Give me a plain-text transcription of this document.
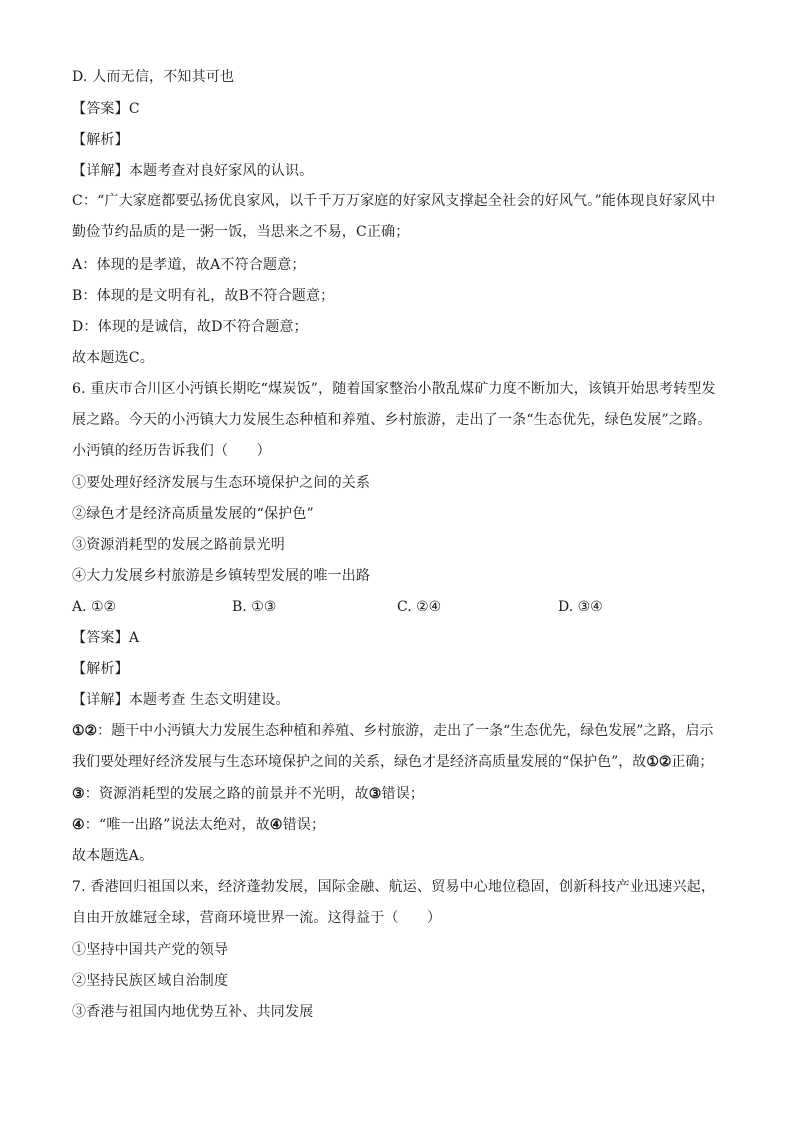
D. 人而无信，不知其可也
【答案】C
【解析】
【详解】本题考查对良好家风的认识。
C：“广大家庭都要弘扬优良家风，以千千万万家庭的好家风支撑起全社会的好风气。”能体现良好家风中勤俭节约品质的是一粥一饭，当思来之不易，C正确；
A：体现的是孝道，故A不符合题意；
B：体现的是文明有礼，故B不符合题意；
D：体现的是诚信，故D不符合题意；
故本题选C。
6. 重庆市合川区小沔镇长期吃“煤炭饭”，随着国家整治小散乱煤矿力度不断加大，该镇开始思考转型发展之路。今天的小沔镇大力发展生态种植和养殖、乡村旅游，走出了一条“生态优先，绿色发展”之路。小沔镇的经历告诉我们（　　）
①要处理好经济发展与生态环境保护之间的关系
②绿色才是经济高质量发展的“保护色”
③资源消耗型的发展之路前景光明
④大力发展乡村旅游是乡镇转型发展的唯一出路
A. ①②	B. ①③	C. ②④	D. ③④
【答案】A
【解析】
【详解】本题考查 生态文明建设。
①②：题干中小沔镇大力发展生态种植和养殖、乡村旅游，走出了一条“生态优先，绿色发展”之路，启示我们要处理好经济发展与生态环境保护之间的关系，绿色才是经济高质量发展的“保护色”，故①②正确；
③：资源消耗型的发展之路的前景并不光明，故③错误；
④：“唯一出路”说法太绝对，故④错误；
故本题选A。
7. 香港回归祖国以来，经济蓬勃发展，国际金融、航运、贸易中心地位稳固，创新科技产业迅速兴起，自由开放雄冠全球，营商环境世界一流。这得益于（　　）
①坚持中国共产党的领导
②坚持民族区域自治制度
③香港与祖国内地优势互补、共同发展
